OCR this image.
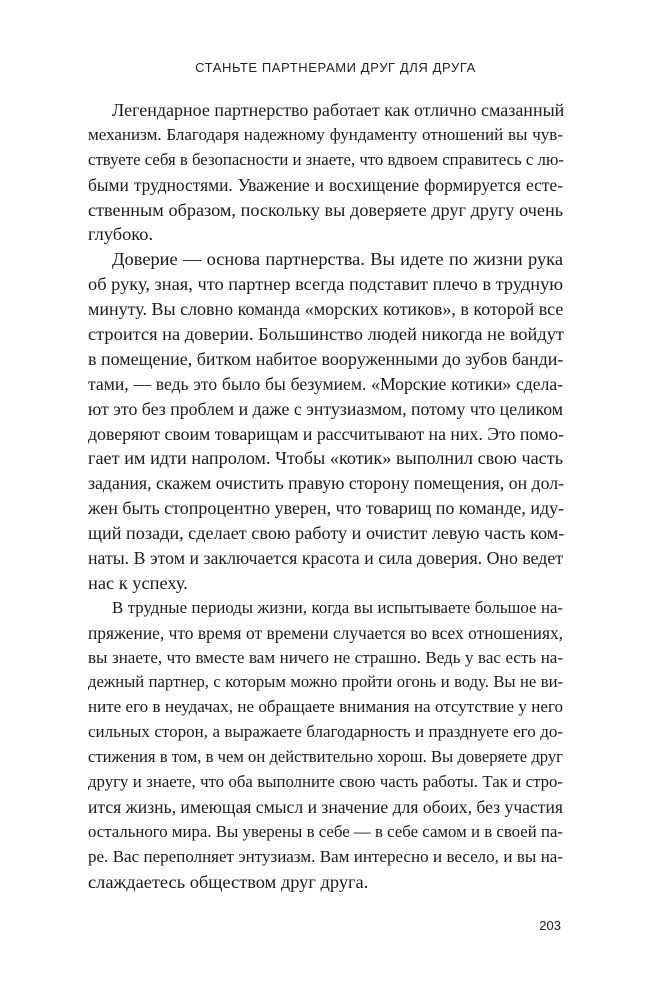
СТАНЬТЕ ПАРТНЕРАМИ ДРУГ ДЛЯ ДРУГА
Легендарное партнерство работает как отлично смазанный
механизм. Благодаря надежному фундаменту отношений вы чув-
ствуете себя в безопасности и знаете, что вдвоем справитесь с лю-
быми трудностями. Уважение и восхищение формируется есте-
ственным образом, поскольку вы доверяете друг другу очень
глубоко.
Доверие — основа партнерства. Вы идете по жизни рука
об руку, зная, что партнер всегда подставит плечо в трудную
минуту. Вы словно команда «морских котиков», в которой все
строится на доверии. Большинство людей никогда не войдут
в помещение, битком набитое вооруженными до зубов банди-
тами, — ведь это было бы безумием. «Морские котики» сдела-
ют это без проблем и даже с энтузиазмом, потому что целиком
доверяют своим товарищам и рассчитывают на них. Это помо-
гает им идти напролом. Чтобы «котик» выполнил свою часть
задания, скажем очистить правую сторону помещения, он дол-
жен быть стопроцентно уверен, что товарищ по команде, иду-
щий позади, сделает свою работу и очистит левую часть ком-
наты. В этом и заключается красота и сила доверия. Оно ведет
нас к успеху.
В трудные периоды жизни, когда вы испытываете большое на-
пряжение, что время от времени случается во всех отношениях,
вы знаете, что вместе вам ничего не страшно. Ведь у вас есть на-
дежный партнер, с которым можно пройти огонь и воду. Вы не ви-
ните его в неудачах, не обращаете внимания на отсутствие у него
сильных сторон, а выражаете благодарность и празднуете его до-
стижения в том, в чем он действительно хорош. Вы доверяете друг
другу и знаете, что оба выполните свою часть работы. Так и стро-
ится жизнь, имеющая смысл и значение для обоих, без участия
остального мира. Вы уверены в себе — в себе самом и в своей па-
ре. Вас переполняет энтузиазм. Вам интересно и весело, и вы на-
слаждаетесь обществом друг друга.
203
